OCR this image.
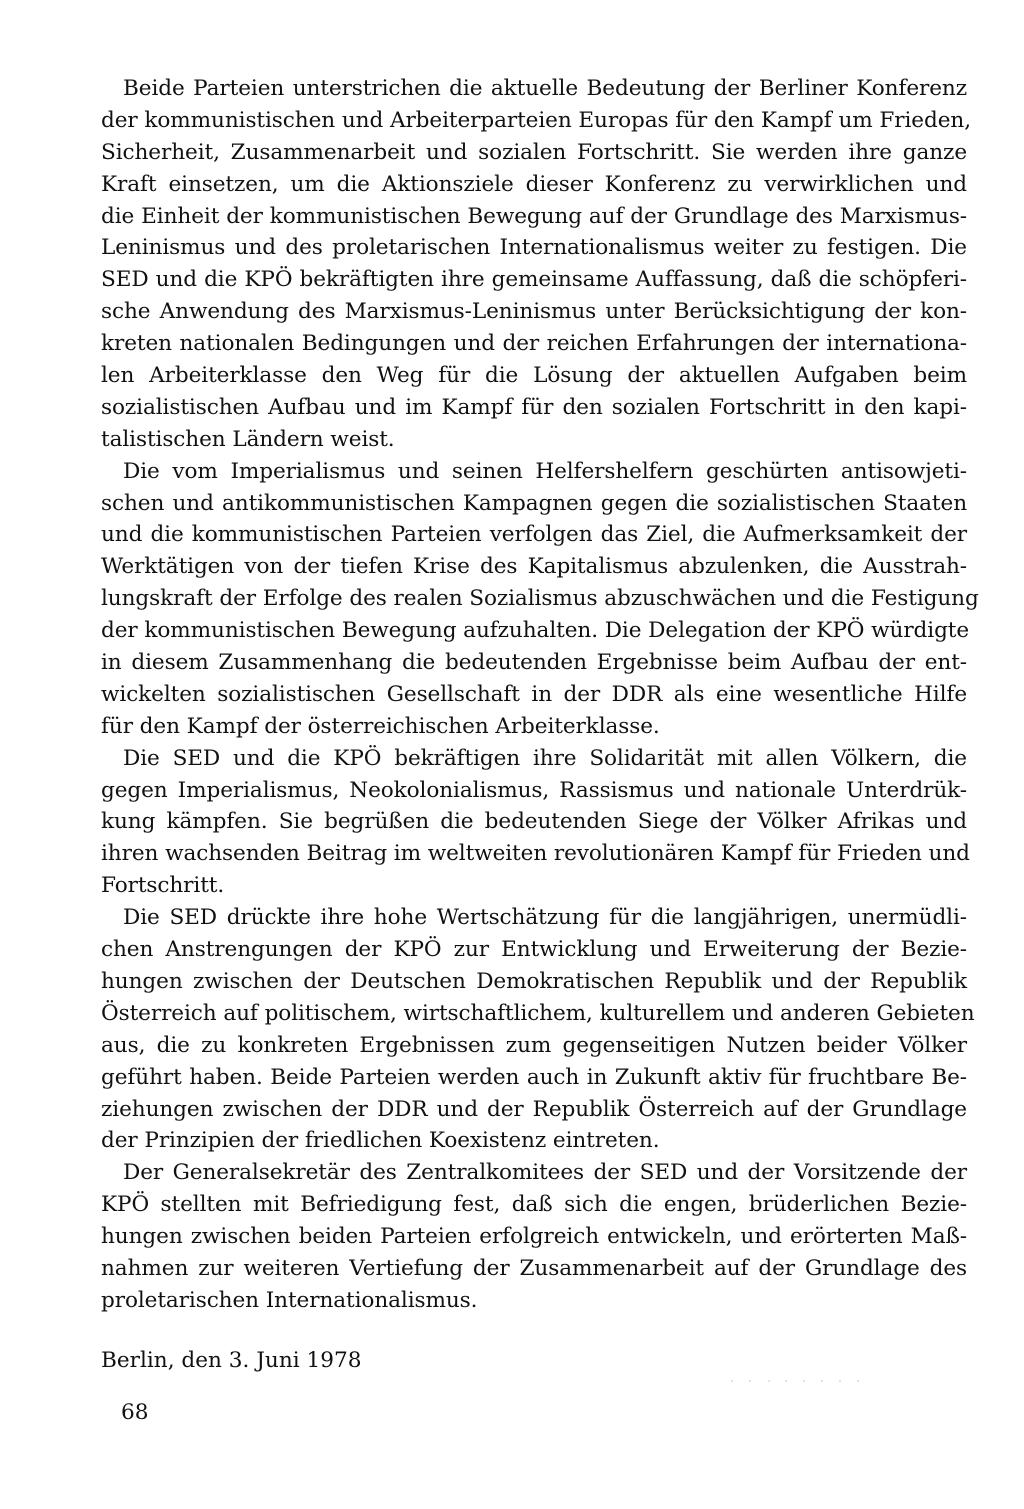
Beide Parteien unterstrichen die aktuelle Bedeutung der Berliner Konferenz
der kommunistischen und Arbeiterparteien Europas für den Kampf um Frieden,
Sicherheit, Zusammenarbeit und sozialen Fortschritt. Sie werden ihre ganze
Kraft einsetzen, um die Aktionsziele dieser Konferenz zu verwirklichen und
die Einheit der kommunistischen Bewegung auf der Grundlage des Marxismus-
Leninismus und des proletarischen Internationalismus weiter zu festigen. Die
SED und die KPÖ bekräftigten ihre gemeinsame Auffassung, daß die schöpferi-
sche Anwendung des Marxismus-Leninismus unter Berücksichtigung der kon-
kreten nationalen Bedingungen und der reichen Erfahrungen der internationa-
len Arbeiterklasse den Weg für die Lösung der aktuellen Aufgaben beim
sozialistischen Aufbau und im Kampf für den sozialen Fortschritt in den kapi-
talistischen Ländern weist.
Die vom Imperialismus und seinen Helfershelfern geschürten antisowjeti-
schen und antikommunistischen Kampagnen gegen die sozialistischen Staaten
und die kommunistischen Parteien verfolgen das Ziel, die Aufmerksamkeit der
Werktätigen von der tiefen Krise des Kapitalismus abzulenken, die Ausstrah-
lungskraft der Erfolge des realen Sozialismus abzuschwächen und die Festigung
der kommunistischen Bewegung aufzuhalten. Die Delegation der KPÖ würdigte
in diesem Zusammenhang die bedeutenden Ergebnisse beim Aufbau der ent-
wickelten sozialistischen Gesellschaft in der DDR als eine wesentliche Hilfe
für den Kampf der österreichischen Arbeiterklasse.
Die SED und die KPÖ bekräftigen ihre Solidarität mit allen Völkern, die
gegen Imperialismus, Neokolonialismus, Rassismus und nationale Unterdrük-
kung kämpfen. Sie begrüßen die bedeutenden Siege der Völker Afrikas und
ihren wachsenden Beitrag im weltweiten revolutionären Kampf für Frieden und
Fortschritt.
Die SED drückte ihre hohe Wertschätzung für die langjährigen, unermüdli-
chen Anstrengungen der KPÖ zur Entwicklung und Erweiterung der Bezie-
hungen zwischen der Deutschen Demokratischen Republik und der Republik
Österreich auf politischem, wirtschaftlichem, kulturellem und anderen Gebieten
aus, die zu konkreten Ergebnissen zum gegenseitigen Nutzen beider Völker
geführt haben. Beide Parteien werden auch in Zukunft aktiv für fruchtbare Be-
ziehungen zwischen der DDR und der Republik Österreich auf der Grundlage
der Prinzipien der friedlichen Koexistenz eintreten.
Der Generalsekretär des Zentralkomitees der SED und der Vorsitzende der
KPÖ stellten mit Befriedigung fest, daß sich die engen, brüderlichen Bezie-
hungen zwischen beiden Parteien erfolgreich entwickeln, und erörterten Maß-
nahmen zur weiteren Vertiefung der Zusammenarbeit auf der Grundlage des
proletarischen Internationalismus.
Berlin, den 3. Juni 1978
68
